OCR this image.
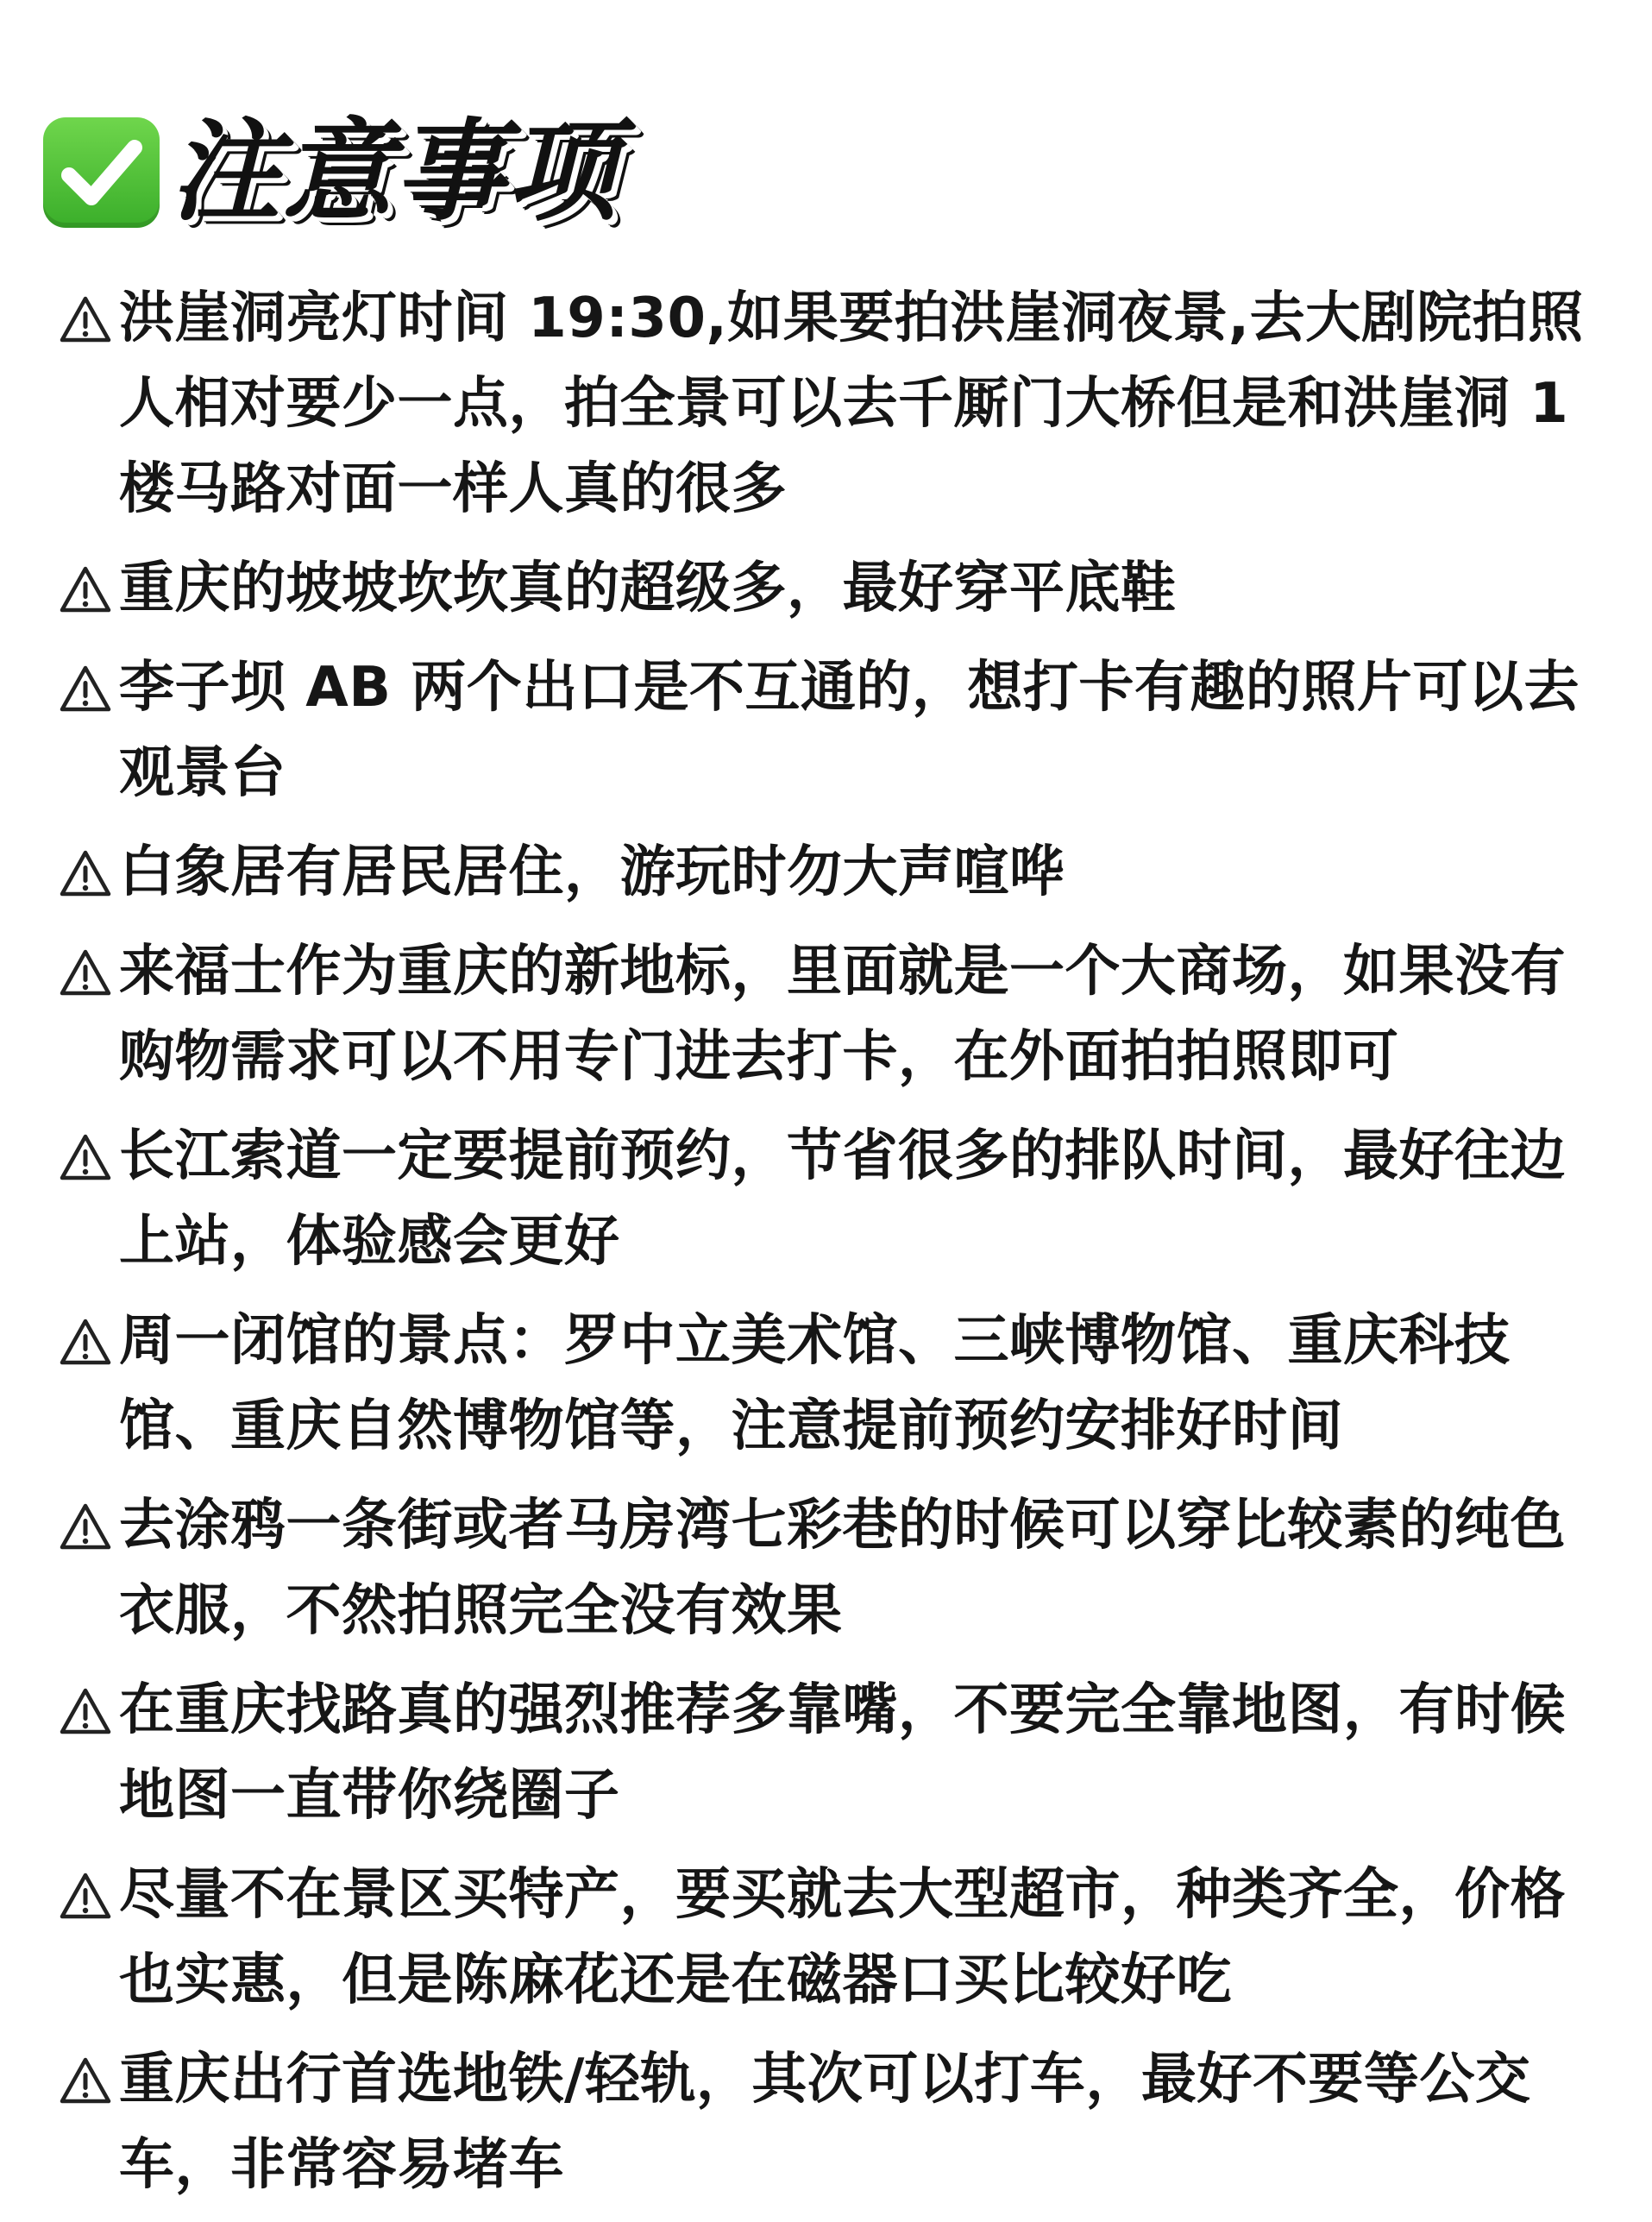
注意事项
洪崖洞亮灯时间 19:30,如果要拍洪崖洞夜景,去大剧院拍照人相对要少一点，拍全景可以去千厮门大桥但是和洪崖洞 1楼马路对面一样人真的很多
重庆的坡坡坎坎真的超级多，最好穿平底鞋
李子坝 AB 两个出口是不互通的，想打卡有趣的照片可以去观景台
白象居有居民居住，游玩时勿大声喧哗
来福士作为重庆的新地标，里面就是一个大商场，如果没有购物需求可以不用专门进去打卡，在外面拍拍照即可
长江索道一定要提前预约，节省很多的排队时间，最好往边上站，体验感会更好
周一闭馆的景点：罗中立美术馆、三峡博物馆、重庆科技馆、重庆自然博物馆等，注意提前预约安排好时间
去涂鸦一条街或者马房湾七彩巷的时候可以穿比较素的纯色衣服，不然拍照完全没有效果
在重庆找路真的强烈推荐多靠嘴，不要完全靠地图，有时候地图一直带你绕圈子
尽量不在景区买特产，要买就去大型超市，种类齐全，价格也实惠，但是陈麻花还是在磁器口买比较好吃
重庆出行首选地铁/轻轨，其次可以打车，最好不要等公交车，非常容易堵车
